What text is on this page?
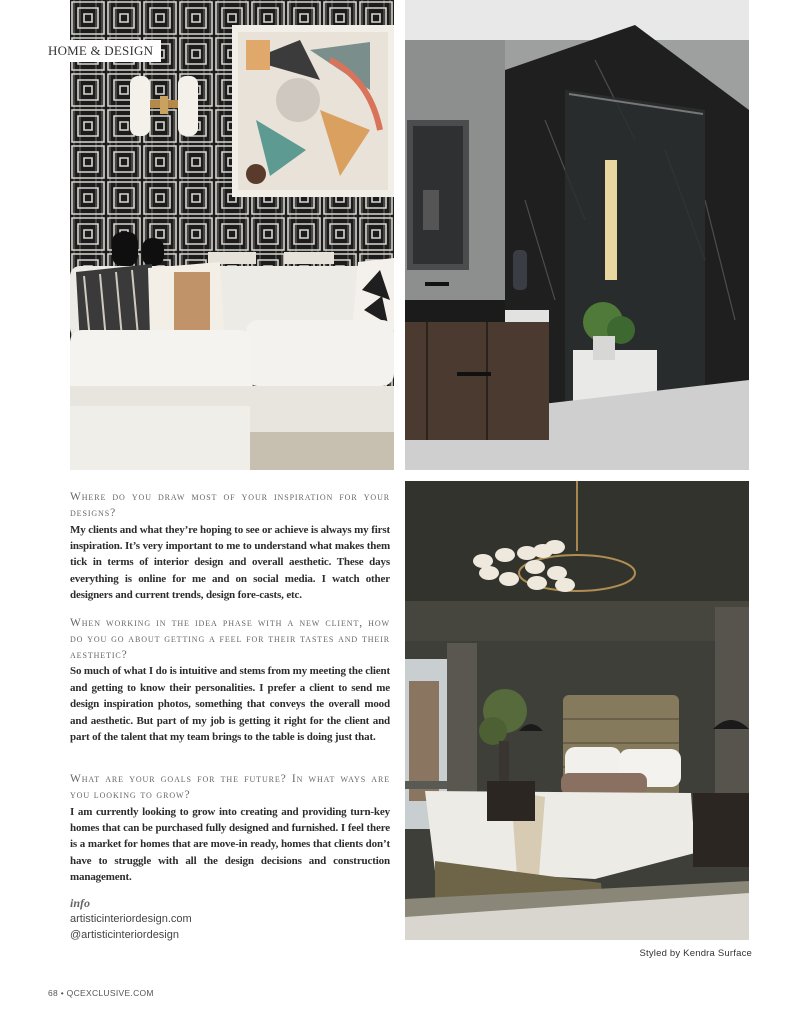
HOME & DESIGN

Where do you draw most of your inspiration for your designs?

My clients and what they’re hoping to see or achieve is always my first inspiration. It’s very important to me to understand what makes them tick in terms of interior design and overall aesthetic. These days everything is online for me and on social media. I watch other designers and current trends, design fore-casts, etc.

When working in the idea phase with a new client, how do you go about getting a feel for their tastes and their aesthetic?

So much of what I do is intuitive and stems from my meeting the client and getting to know their personalities. I prefer a client to send me design inspiration photos, something that conveys the overall mood and aesthetic. But part of my job is getting it right for the client and part of the talent that my team brings to the table is doing just that.

What are your goals for the future? In what ways are you looking to grow?

I am currently looking to grow into creating and providing turn-key homes that can be purchased fully designed and furnished. I feel there is a market for homes that are move-in ready, homes that clients don’t have to struggle with all the design decisions and construction management.

info
artisticinteriordesign.com
@artisticinteriordesign
Styled by Kendra Surface
68 • QCEXCLUSIVE.COM
